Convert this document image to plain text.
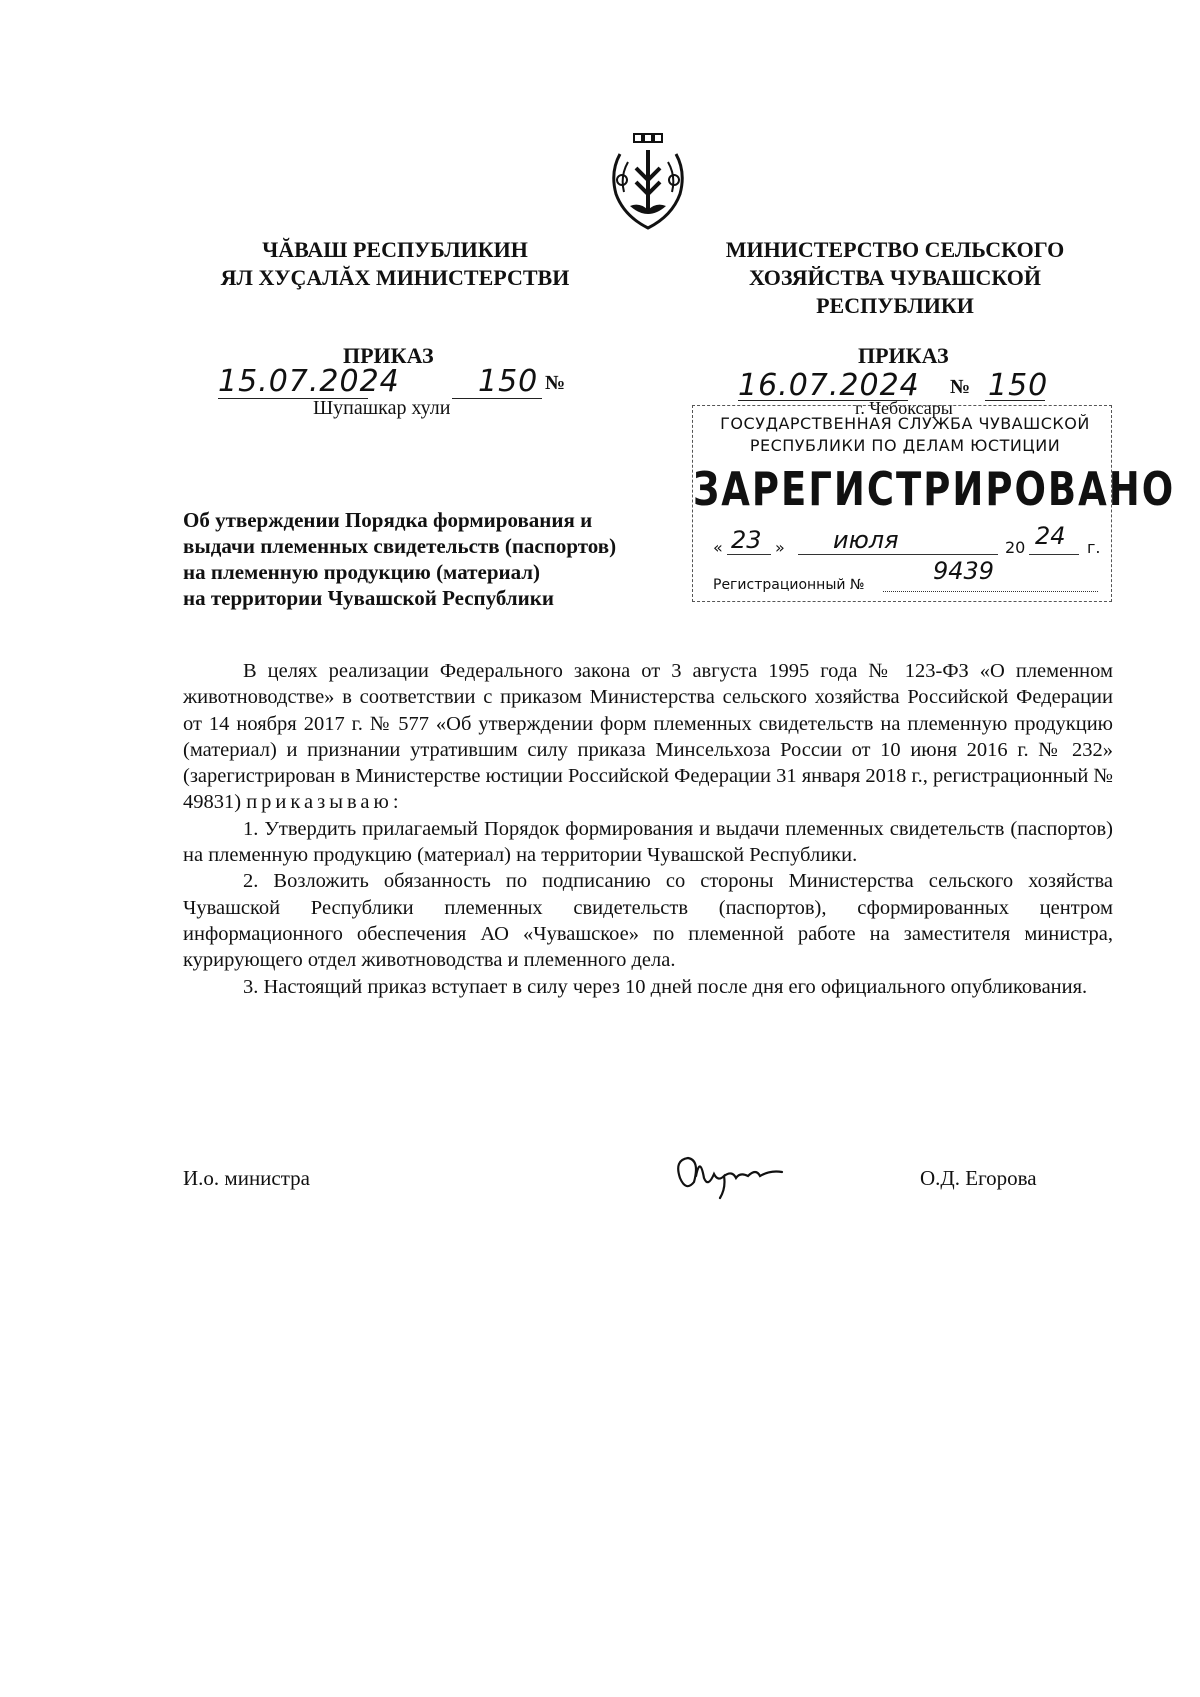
ЧĂВАШ РЕСПУБЛИКИН
ЯЛ ХУÇАЛĂХ МИНИСТЕРСТВИ
МИНИСТЕРСТВО СЕЛЬСКОГО
ХОЗЯЙСТВА ЧУВАШСКОЙ
РЕСПУБЛИКИ
ПРИКАЗ
15.07.2024	150 №
Шупашкар хули
ПРИКАЗ
16.07.2024 № 150
г. Чебоксары
ГОСУДАРСТВЕННАЯ СЛУЖБА ЧУВАШСКОЙ
РЕСПУБЛИКИ ПО ДЕЛАМ ЮСТИЦИИ
ЗАРЕГИСТРИРОВАНО
« 23 » июля	20 24 г.
Регистрационный №	9439
Об утверждении Порядка формирования и
выдачи племенных свидетельств (паспортов)
на племенную продукцию (материал)
на территории Чувашской Республики

В целях реализации Федерального закона от 3 августа 1995 года № 123-ФЗ «О племенном животноводстве» в соответствии с приказом Министерства сельского хозяйства Российской Федерации от 14 ноября 2017 г. № 577 «Об утверждении форм племенных свидетельств на племенную продукцию (материал) и признании утратившим силу приказа Минсельхоза России от 10 июня 2016 г. № 232» (зарегистрирован в Министерстве юстиции Российской Федерации 31 января 2018 г., регистрационный № 49831) приказываю:

1. Утвердить прилагаемый Порядок формирования и выдачи племенных свидетельств (паспортов) на племенную продукцию (материал) на территории Чувашской Республики.

2. Возложить обязанность по подписанию со стороны Министерства сельского хозяйства Чувашской Республики племенных свидетельств (паспортов), сформированных центром информационного обеспечения АО «Чувашское» по племенной работе на заместителя министра, курирующего отдел животноводства и племенного дела.

3. Настоящий приказ вступает в силу через 10 дней после дня его официального опубликования.

И.о. министра	О.Д. Егорова
